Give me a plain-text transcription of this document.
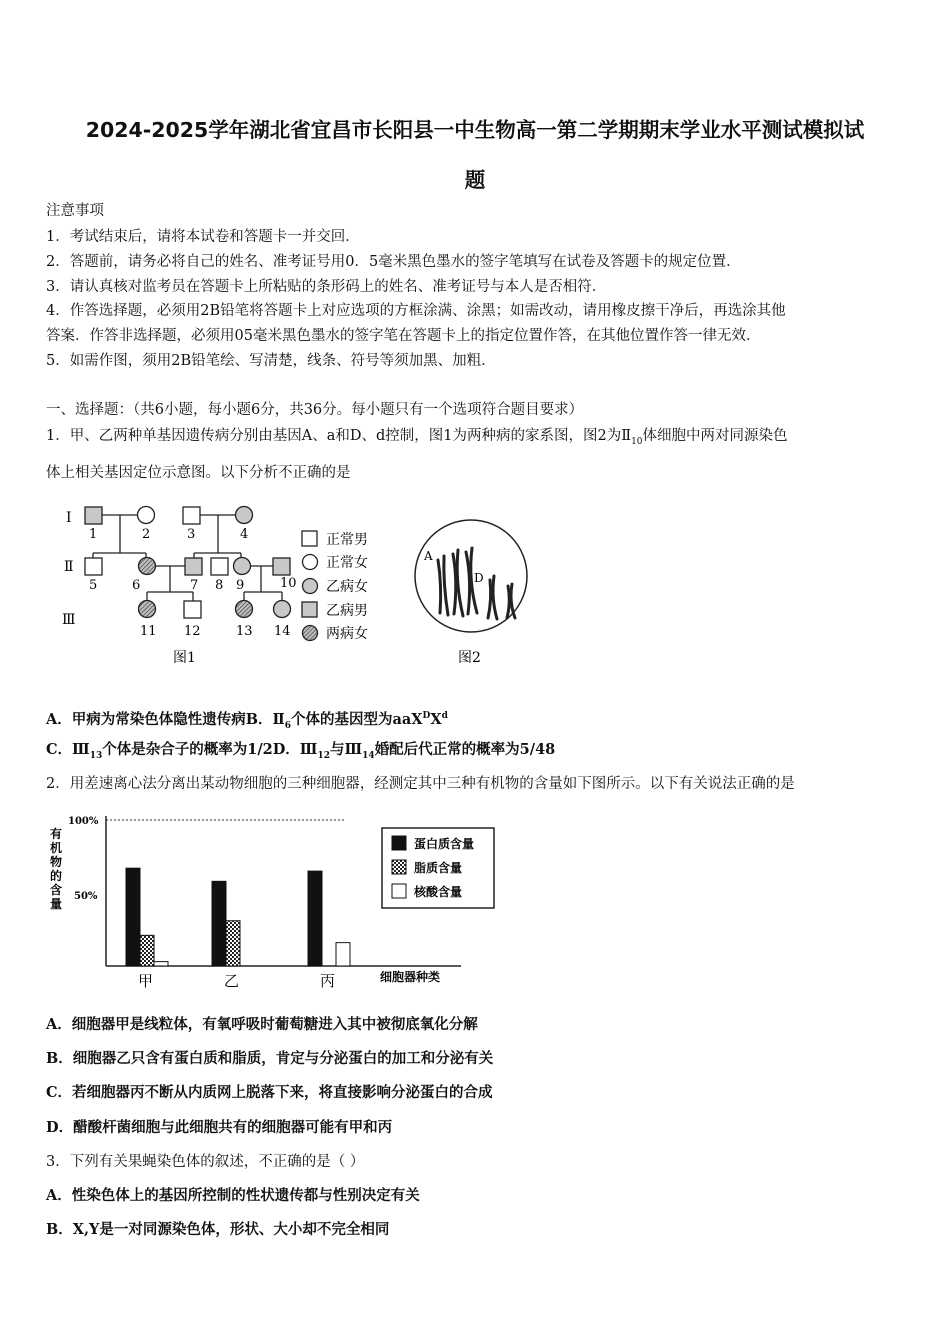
2024-2025学年湖北省宜昌市长阳县一中生物高一第二学期期末学业水平测试模拟试
题
注意事项
1．考试结束后，请将本试卷和答题卡一并交回．
2．答题前，请务必将自己的姓名、准考证号用0．5毫米黑色墨水的签字笔填写在试卷及答题卡的规定位置．
3．请认真核对监考员在答题卡上所粘贴的条形码上的姓名、准考证号与本人是否相符．
4．作答选择题，必须用2B铅笔将答题卡上对应选项的方框涂满、涂黑；如需改动，请用橡皮擦干净后，再选涂其他
答案．作答非选择题，必须用05毫米黑色墨水的签字笔在答题卡上的指定位置作答，在其他位置作答一律无效．
5．如需作图，须用2B铅笔绘、写清楚，线条、符号等须加黑、加粗．
一、选择题：（共6小题，每小题6分，共36分。每小题只有一个选项符合题目要求）
1．甲、乙两种单基因遗传病分别由基因A、a和D、d控制，图1为两种病的家系图，图2为$Ⅱ_{10}$体细胞中两对同源染色
体上相关基因定位示意图。以下分析不正确的是
Ⅰ
Ⅱ
Ⅲ
1	2	3	4
5	6	7 8 9	10
11 12	13 14
正常男
正常女
乙病女
乙病男
两病女
图1
A
D
图2
A．甲病为常染色体隐性遗传病B．$Ⅱ_6$个体的基因型为$aaX^DX^d$
C．$Ⅲ_{13}$个体是杂合子的概率为1/2D．$Ⅲ_{12}$与$Ⅲ_{14}$婚配后代正常的概率为5/48
2．用差速离心法分离出某动物细胞的三种细胞器，经测定其中三种有机物的含量如下图所示。以下有关说法正确的是
有机物的含量
100%
50%
甲	乙	丙	细胞器种类
蛋白质含量
脂质含量
核酸含量
A．细胞器甲是线粒体，有氧呼吸时葡萄糖进入其中被彻底氧化分解
B．细胞器乙只含有蛋白质和脂质，肯定与分泌蛋白的加工和分泌有关
C．若细胞器丙不断从内质网上脱落下来，将直接影响分泌蛋白的合成
D．醋酸杆菌细胞与此细胞共有的细胞器可能有甲和丙
3．下列有关果蝇染色体的叙述，不正确的是（ ）
A．性染色体上的基因所控制的性状遗传都与性别决定有关
B．X,Y是一对同源染色体，形状、大小却不完全相同
